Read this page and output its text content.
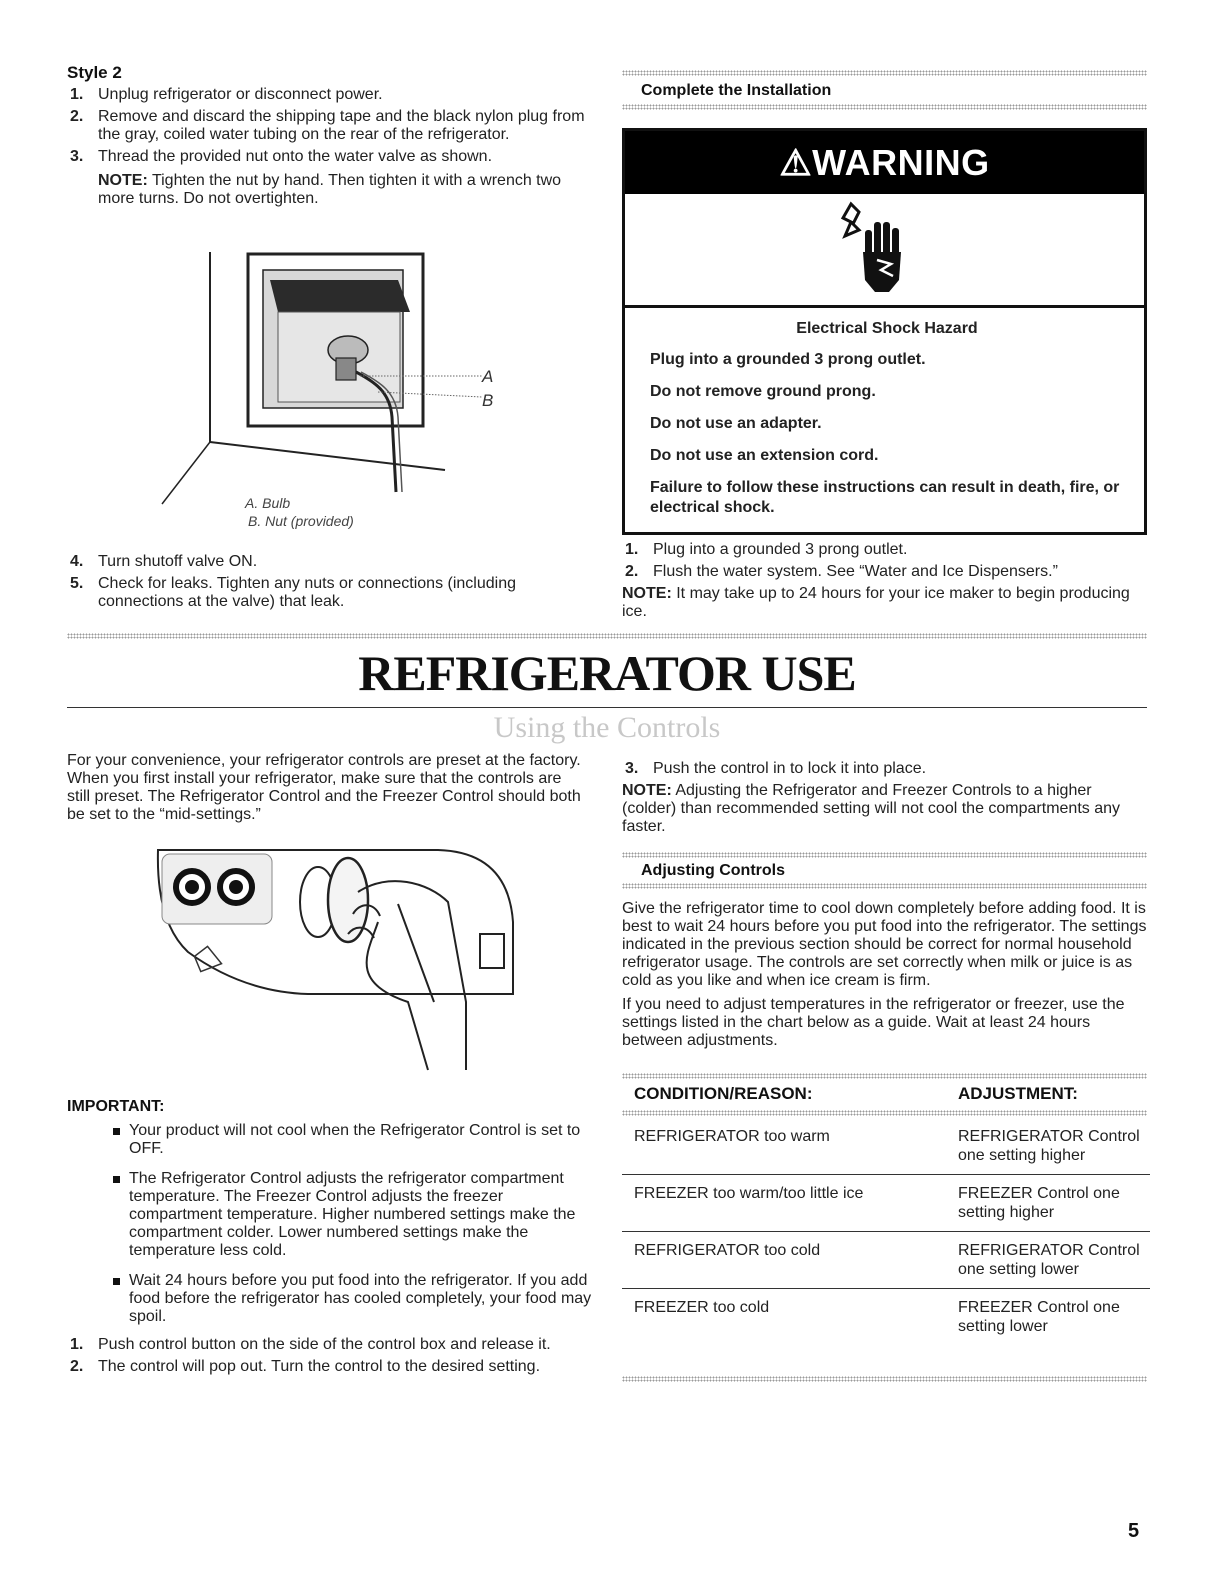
Style 2
1. Unplug refrigerator or disconnect power.
2. Remove and discard the shipping tape and the black nylon plug from the gray, coiled water tubing on the rear of the refrigerator.
3. Thread the provided nut onto the water valve as shown.
NOTE: Tighten the nut by hand. Then tighten it with a wrench two more turns. Do not overtighten.
A
B
A. Bulb
B. Nut (provided)
4. Turn shutoff valve ON.
5. Check for leaks. Tighten any nuts or connections (including connections at the valve) that leak.
Complete the Installation
⚠WARNING
Electrical Shock Hazard

Plug into a grounded 3 prong outlet.

Do not remove ground prong.

Do not use an adapter.

Do not use an extension cord.

Failure to follow these instructions can result in death, fire, or electrical shock.

1. Plug into a grounded 3 prong outlet.
2. Flush the water system. See “Water and Ice Dispensers.”
NOTE: It may take up to 24 hours for your ice maker to begin producing ice.
REFRIGERATOR USE
Using the Controls
For your convenience, your refrigerator controls are preset at the factory. When you first install your refrigerator, make sure that the controls are still preset. The Refrigerator Control and the Freezer Control should both be set to the “mid-settings.”
IMPORTANT:
Your product will not cool when the Refrigerator Control is set to OFF.
The Refrigerator Control adjusts the refrigerator compartment temperature. The Freezer Control adjusts the freezer compartment temperature. Higher numbered settings make the compartment colder. Lower numbered settings make the temperature less cold.
Wait 24 hours before you put food into the refrigerator. If you add food before the refrigerator has cooled completely, your food may spoil.
1. Push control button on the side of the control box and release it.
2. The control will pop out. Turn the control to the desired setting.
3. Push the control in to lock it into place.
NOTE: Adjusting the Refrigerator and Freezer Controls to a higher (colder) than recommended setting will not cool the compartments any faster.
Adjusting Controls
Give the refrigerator time to cool down completely before adding food. It is best to wait 24 hours before you put food into the refrigerator. The settings indicated in the previous section should be correct for normal household refrigerator usage. The controls are set correctly when milk or juice is as cold as you like and when ice cream is firm.
If you need to adjust temperatures in the refrigerator or freezer, use the settings listed in the chart below as a guide. Wait at least 24 hours between adjustments.
CONDITION/REASON:	ADJUSTMENT:
REFRIGERATOR too warm	REFRIGERATOR Control one setting higher
FREEZER too warm/too little ice	FREEZER Control one setting higher
REFRIGERATOR too cold	REFRIGERATOR Control one setting lower
FREEZER too cold	FREEZER Control one setting lower
5
